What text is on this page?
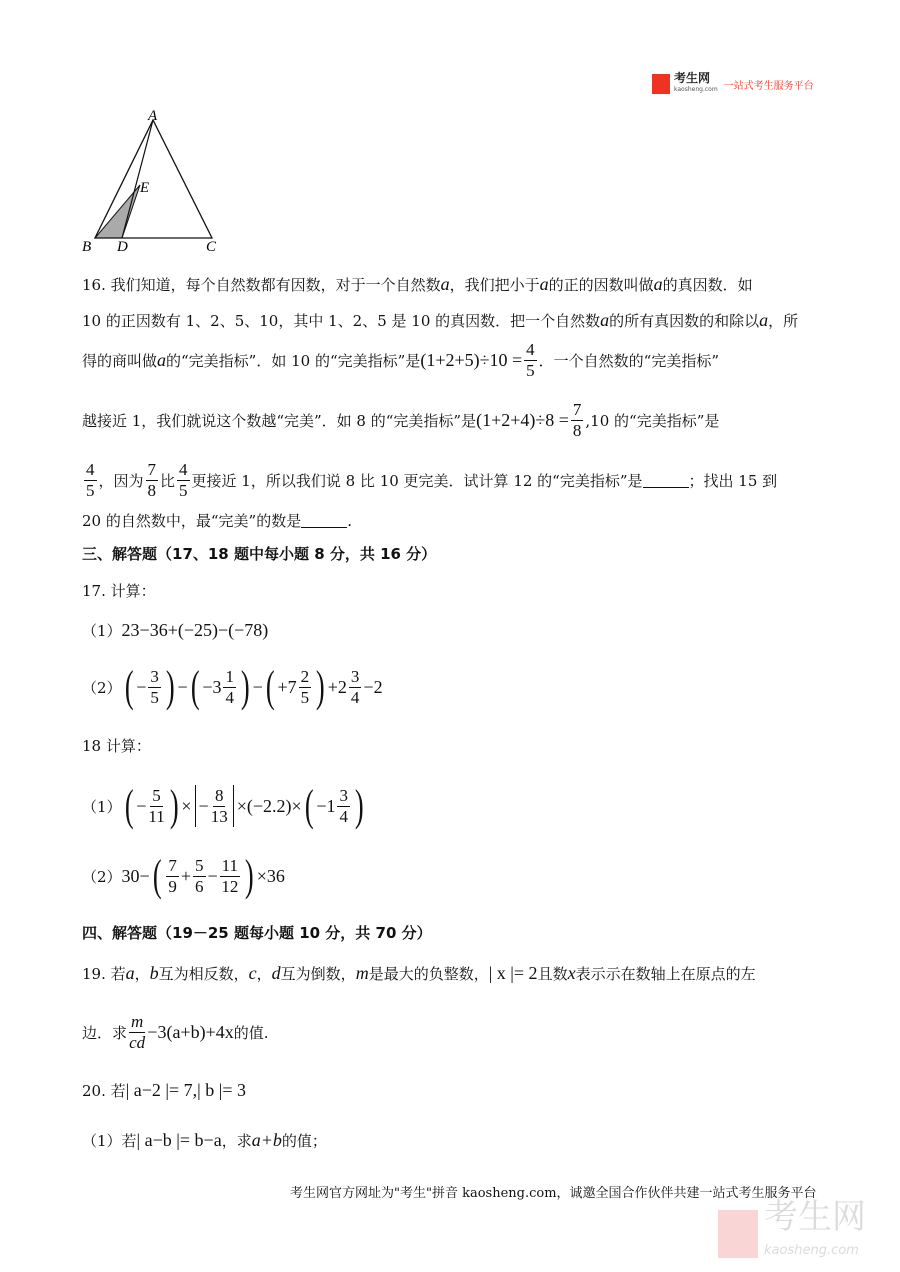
考生网
kaosheng.com 一站式考生服务平台
A
E
B D	C
16. 我们知道，每个自然数都有因数，对于一个自然数 a ，我们把小于 a 的正的因数叫做 a 的真因数．如
10 的正因数有 1、2、5、10，其中 1、2、5 是 10 的真因数．把一个自然数 a 的所有真因数的和除以 a ，所
得的商叫做 a 的“完美指标”．如 10 的“完美指标”是 $(1+2+5)\div 10 = \frac{4}{5}$ ．一个自然数的“完美指标”
越接近 1，我们就说这个数越“完美”．如 8 的“完美指标”是 $(1+2+4)\div 8 = \frac{7}{8} ,10$ 的“完美指标”是
$\frac{4}{5}$ ，因为 $\frac{7}{8}$ 比 $\frac{4}{5}$ 更接近 1，所以我们说 8 比 10 更完美．试计算 12 的“完美指标”是	；找出 15 到
20 的自然数中，最“完美”的数是	.
三、解答题（17、18 题中每小题 8 分，共 16 分）
17. 计算：
（1） 23−36+(−25)−(−78)
（2） ( − $\frac{3}{5}$ ) − ( $-3 \frac{1}{4}$ ) − ( $+7 \frac{2}{5}$ ) $+2 \frac{3}{4} -2$
18 计算：
（1） ( − $\frac{5}{11}$ ) × − $\frac{8}{13} \times(-2.2)\times$ ( $-1 \frac{3}{4}$ )
（2） 30− ( $\frac{7}{9} + \frac{5}{6} - \frac{11}{12}$ ) ×36
四、解答题（19－25 题每小题 10 分，共 70 分）
19. 若 a ， b 互为相反数， c ， d 互为倒数， m 是最大的负整数， | x |= 2 且数 x 表示示在数轴上在原点的左
边．求 $\frac{m}{cd} -3(a+b)+4x$ 的值.
20. 若 | a−2 |= 7,| b |= 3
（1）若 | a−b |= b−a ，求 a+b 的值；
考生网官方网址为"考生"拼音 kaosheng.com，诚邀全国合作伙伴共建一站式考生服务平台
考生网
kaosheng.com
